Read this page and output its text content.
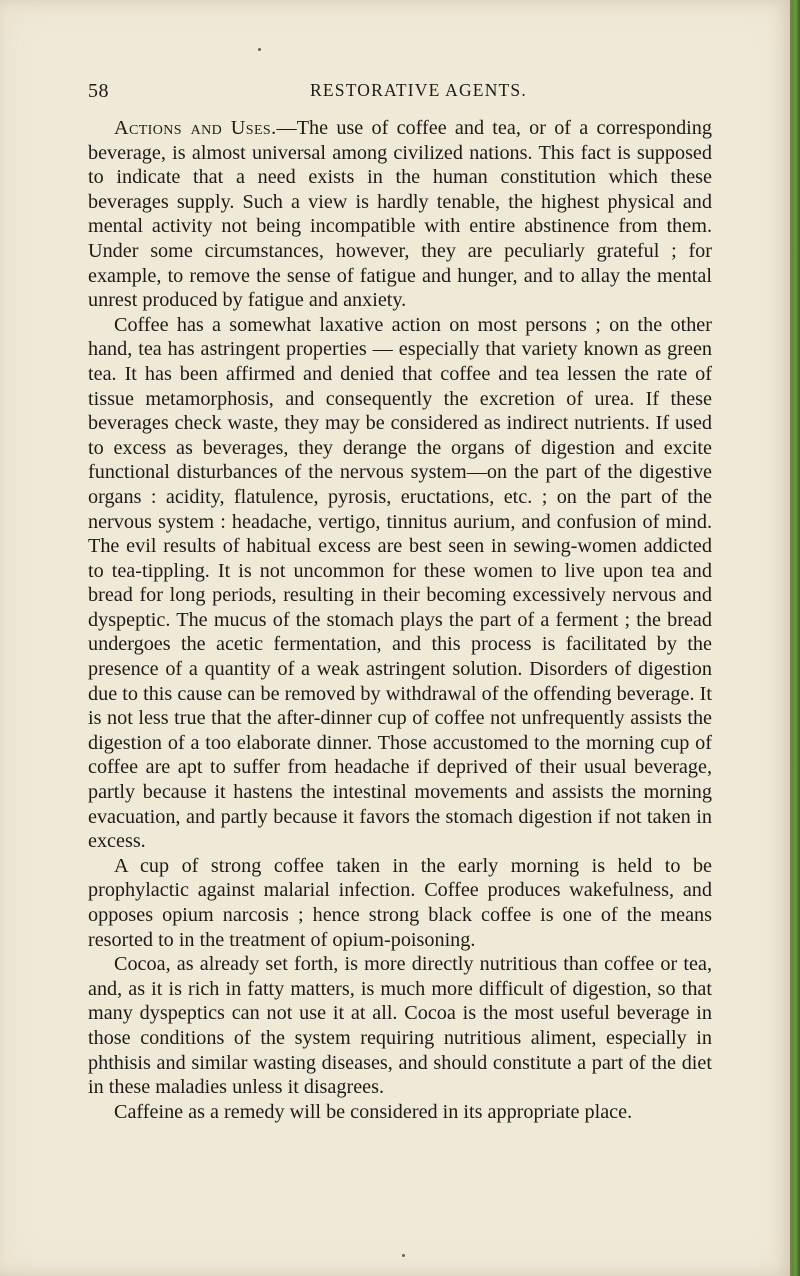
58	RESTORATIVE AGENTS.

Actions and Uses.—The use of coffee and tea, or of a corresponding beverage, is almost universal among civilized nations. This fact is supposed to indicate that a need exists in the human constitution which these beverages supply. Such a view is hardly tenable, the highest physical and mental activity not being incompatible with entire abstinence from them. Under some circumstances, however, they are peculiarly grateful ; for example, to remove the sense of fatigue and hunger, and to allay the mental unrest produced by fatigue and anxiety.

Coffee has a somewhat laxative action on most persons ; on the other hand, tea has astringent properties — especially that variety known as green tea. It has been affirmed and denied that coffee and tea lessen the rate of tissue metamorphosis, and consequently the excretion of urea. If these beverages check waste, they may be considered as indirect nutrients. If used to excess as beverages, they derange the organs of digestion and excite functional disturbances of the nervous system—on the part of the digestive organs : acidity, flatulence, pyrosis, eructations, etc. ; on the part of the nervous system : headache, vertigo, tinnitus aurium, and confusion of mind. The evil results of habitual excess are best seen in sewing-women addicted to tea-tippling. It is not uncommon for these women to live upon tea and bread for long periods, resulting in their becoming excessively nervous and dyspeptic. The mucus of the stomach plays the part of a ferment ; the bread undergoes the acetic fermentation, and this process is facilitated by the presence of a quantity of a weak astringent solution. Disorders of digestion due to this cause can be removed by withdrawal of the offending beverage. It is not less true that the after-dinner cup of coffee not unfrequently assists the digestion of a too elaborate dinner. Those accustomed to the morning cup of coffee are apt to suffer from headache if deprived of their usual beverage, partly because it hastens the intestinal movements and assists the morning evacuation, and partly because it favors the stomach digestion if not taken in excess.

A cup of strong coffee taken in the early morning is held to be prophylactic against malarial infection. Coffee produces wakefulness, and opposes opium narcosis ; hence strong black coffee is one of the means resorted to in the treatment of opium-poisoning.

Cocoa, as already set forth, is more directly nutritious than coffee or tea, and, as it is rich in fatty matters, is much more difficult of digestion, so that many dyspeptics can not use it at all. Cocoa is the most useful beverage in those conditions of the system requiring nutritious aliment, especially in phthisis and similar wasting diseases, and should constitute a part of the diet in these maladies unless it disagrees.

Caffeine as a remedy will be considered in its appropriate place.
